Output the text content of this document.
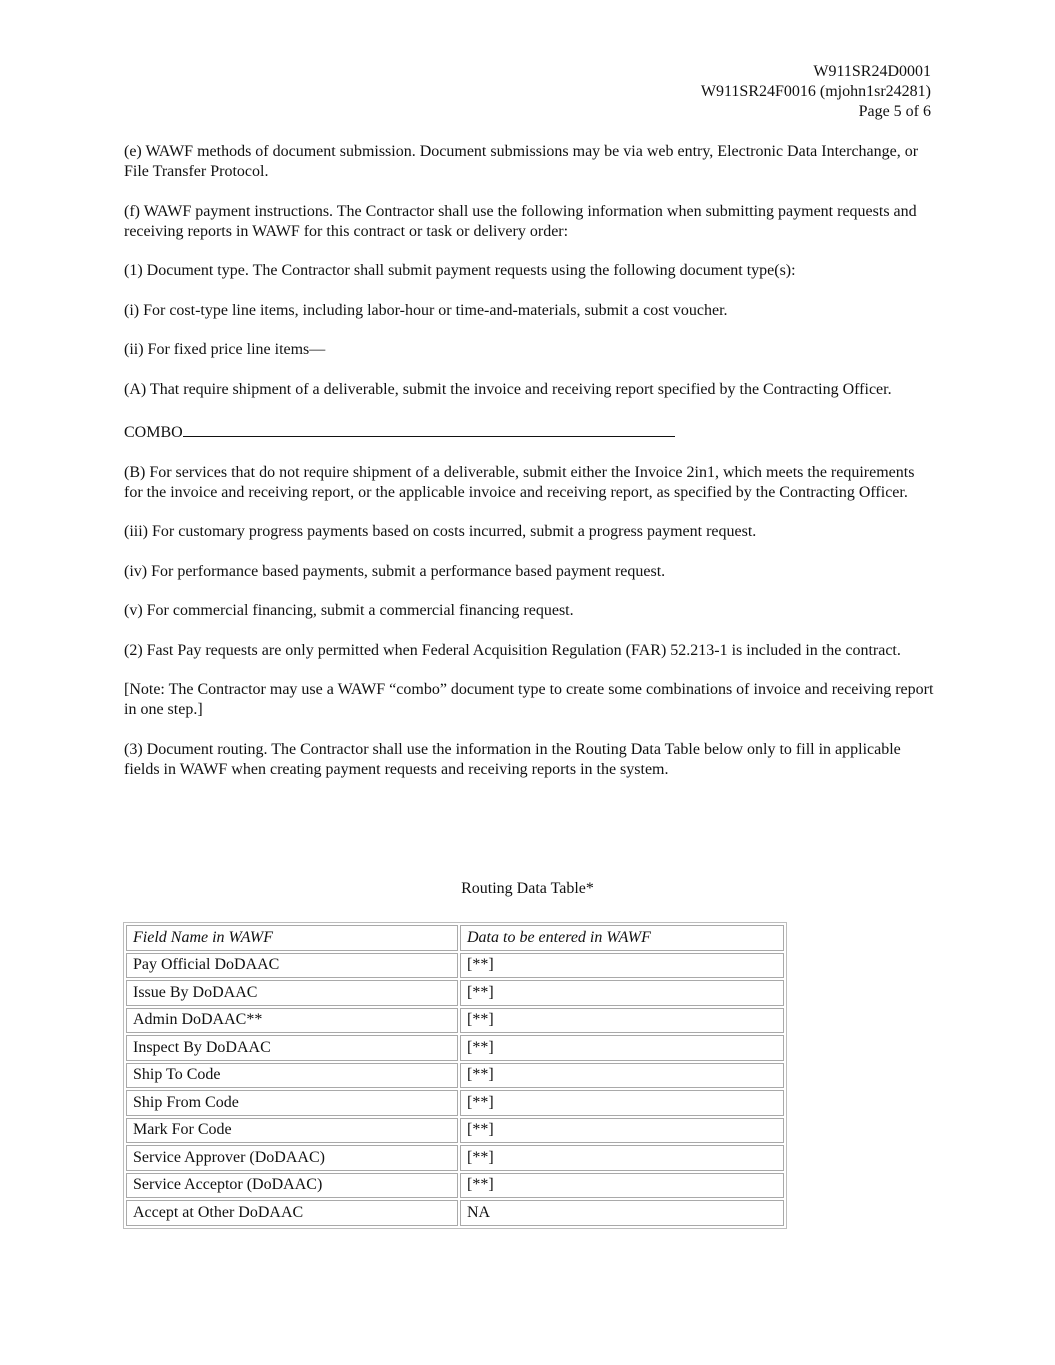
W911SR24D0001
W911SR24F0016 (mjohn1sr24281)
Page 5 of 6

(e) WAWF methods of document submission. Document submissions may be via web entry, Electronic Data Interchange, or File Transfer Protocol.

(f) WAWF payment instructions. The Contractor shall use the following information when submitting payment requests and receiving reports in WAWF for this contract or task or delivery order:

(1) Document type. The Contractor shall submit payment requests using the following document type(s):

(i) For cost-type line items, including labor-hour or time-and-materials, submit a cost voucher.

(ii) For fixed price line items—

(A) That require shipment of a deliverable, submit the invoice and receiving report specified by the Contracting Officer.

COMBO

(B) For services that do not require shipment of a deliverable, submit either the Invoice 2in1, which meets the requirements for the invoice and receiving report, or the applicable invoice and receiving report, as specified by the Contracting Officer.

(iii) For customary progress payments based on costs incurred, submit a progress payment request.

(iv) For performance based payments, submit a performance based payment request.

(v) For commercial financing, submit a commercial financing request.

(2) Fast Pay requests are only permitted when Federal Acquisition Regulation (FAR) 52.213-1 is included in the contract.

[Note: The Contractor may use a WAWF “combo” document type to create some combinations of invoice and receiving report in one step.]

(3) Document routing. The Contractor shall use the information in the Routing Data Table below only to fill in applicable fields in WAWF when creating payment requests and receiving reports in the system.

Routing Data Table*
Field Name in WAWF	Data to be entered in WAWF
Pay Official DoDAAC	[**]
Issue By DoDAAC	[**]
Admin DoDAAC**	[**]
Inspect By DoDAAC	[**]
Ship To Code	[**]
Ship From Code	[**]
Mark For Code	[**]
Service Approver (DoDAAC)	[**]
Service Acceptor (DoDAAC)	[**]
Accept at Other DoDAAC	NA
